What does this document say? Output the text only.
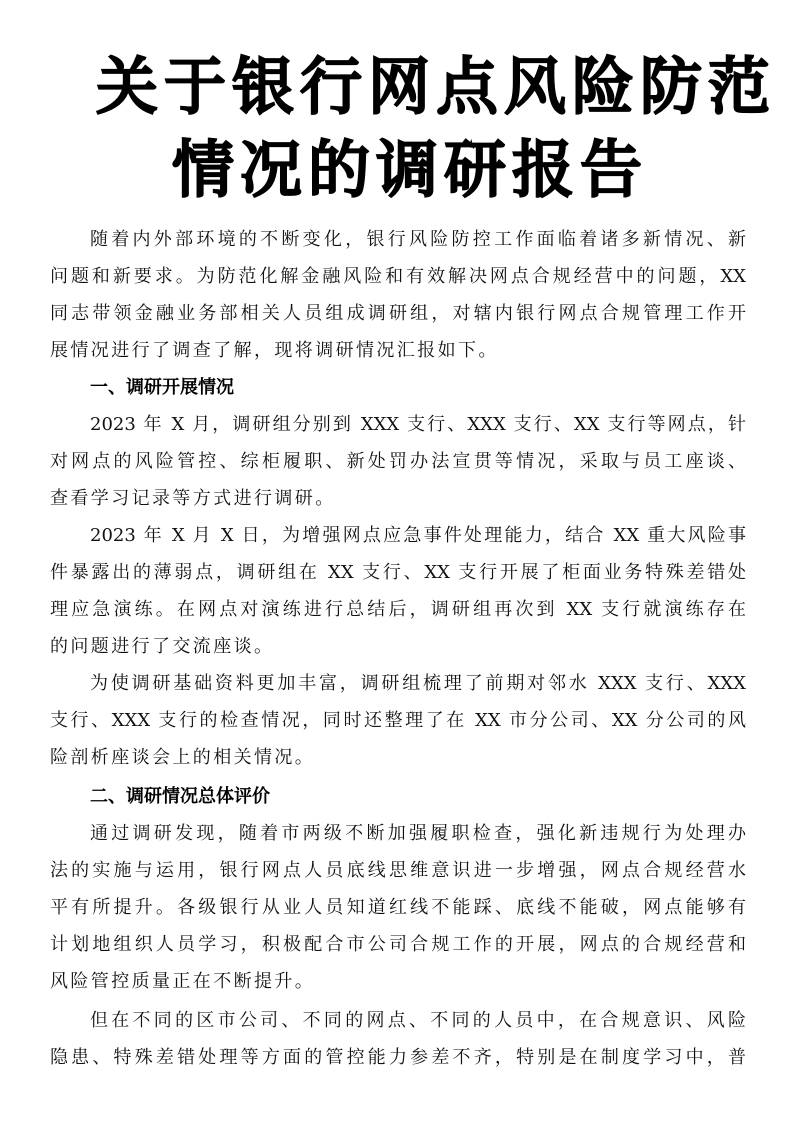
关于银行网点风险防范
情况的调研报告
随着内外部环境的不断变化，银行风险防控工作面临着诸多新情况、新
问题和新要求。为防范化解金融风险和有效解决网点合规经营中的问题，XX
同志带领金融业务部相关人员组成调研组，对辖内银行网点合规管理工作开
展情况进行了调查了解，现将调研情况汇报如下。
一、调研开展情况
2023 年 X 月，调研组分别到 XXX 支行、XXX 支行、XX 支行等网点，针
对网点的风险管控、综柜履职、新处罚办法宣贯等情况，采取与员工座谈、
查看学习记录等方式进行调研。
2023 年 X 月 X 日，为增强网点应急事件处理能力，结合 XX 重大风险事
件暴露出的薄弱点，调研组在 XX 支行、XX 支行开展了柜面业务特殊差错处
理应急演练。在网点对演练进行总结后，调研组再次到 XX 支行就演练存在
的问题进行了交流座谈。
为使调研基础资料更加丰富，调研组梳理了前期对邻水 XXX 支行、XXX
支行、XXX 支行的检查情况，同时还整理了在 XX 市分公司、XX 分公司的风
险剖析座谈会上的相关情况。
二、调研情况总体评价
通过调研发现，随着市两级不断加强履职检查，强化新违规行为处理办
法的实施与运用，银行网点人员底线思维意识进一步增强，网点合规经营水
平有所提升。各级银行从业人员知道红线不能踩、底线不能破，网点能够有
计划地组织人员学习，积极配合市公司合规工作的开展，网点的合规经营和
风险管控质量正在不断提升。
但在不同的区市公司、不同的网点、不同的人员中，在合规意识、风险
隐患、特殊差错处理等方面的管控能力参差不齐，特别是在制度学习中，普
